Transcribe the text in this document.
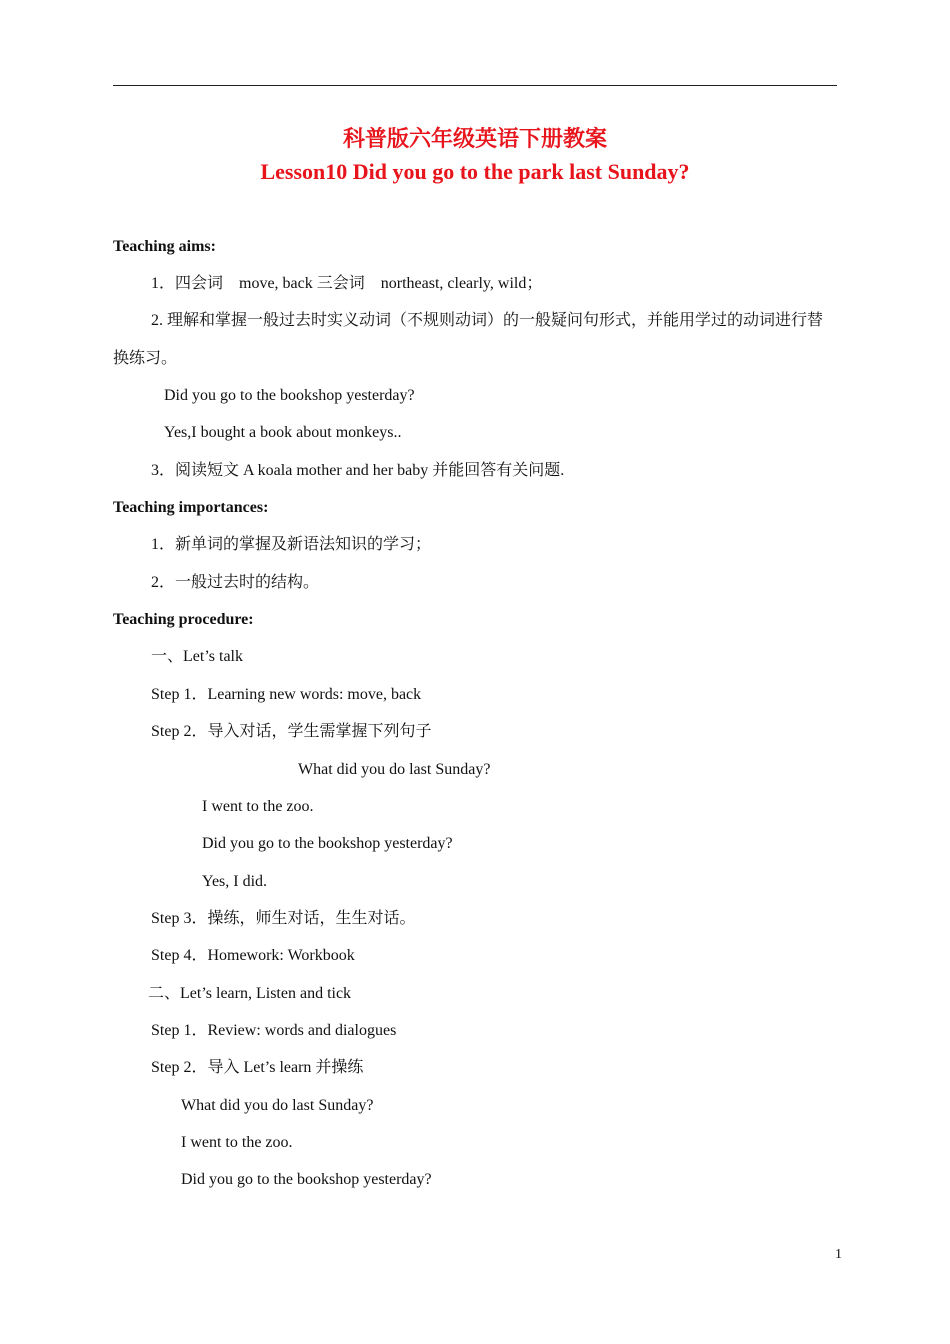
科普版六年级英语下册教案
Lesson10 Did you go to the park last Sunday?
Teaching aims:
1．四会词　move, back 三会词　northeast, clearly, wild；
2. 理解和掌握一般过去时实义动词（不规则动词）的一般疑问句形式，并能用学过的动词进行替
换练习。
Did you go to the bookshop yesterday?
Yes,I bought a book about monkeys..
3．阅读短文 A koala mother and her baby 并能回答有关问题.
Teaching importances:
1．新单词的掌握及新语法知识的学习；
2．一般过去时的结构。
Teaching procedure:
一、Let’s talk
Step 1．Learning new words: move, back
Step 2．导入对话，学生需掌握下列句子
What did you do last Sunday?
I went to the zoo.
Did you go to the bookshop yesterday?
Yes, I did.
Step 3．操练，师生对话，生生对话。
Step 4．Homework: Workbook
二、Let’s learn, Listen and tick
Step 1．Review: words and dialogues
Step 2．导入 Let’s learn 并操练
What did you do last Sunday?
I went to the zoo.
Did you go to the bookshop yesterday?
1
